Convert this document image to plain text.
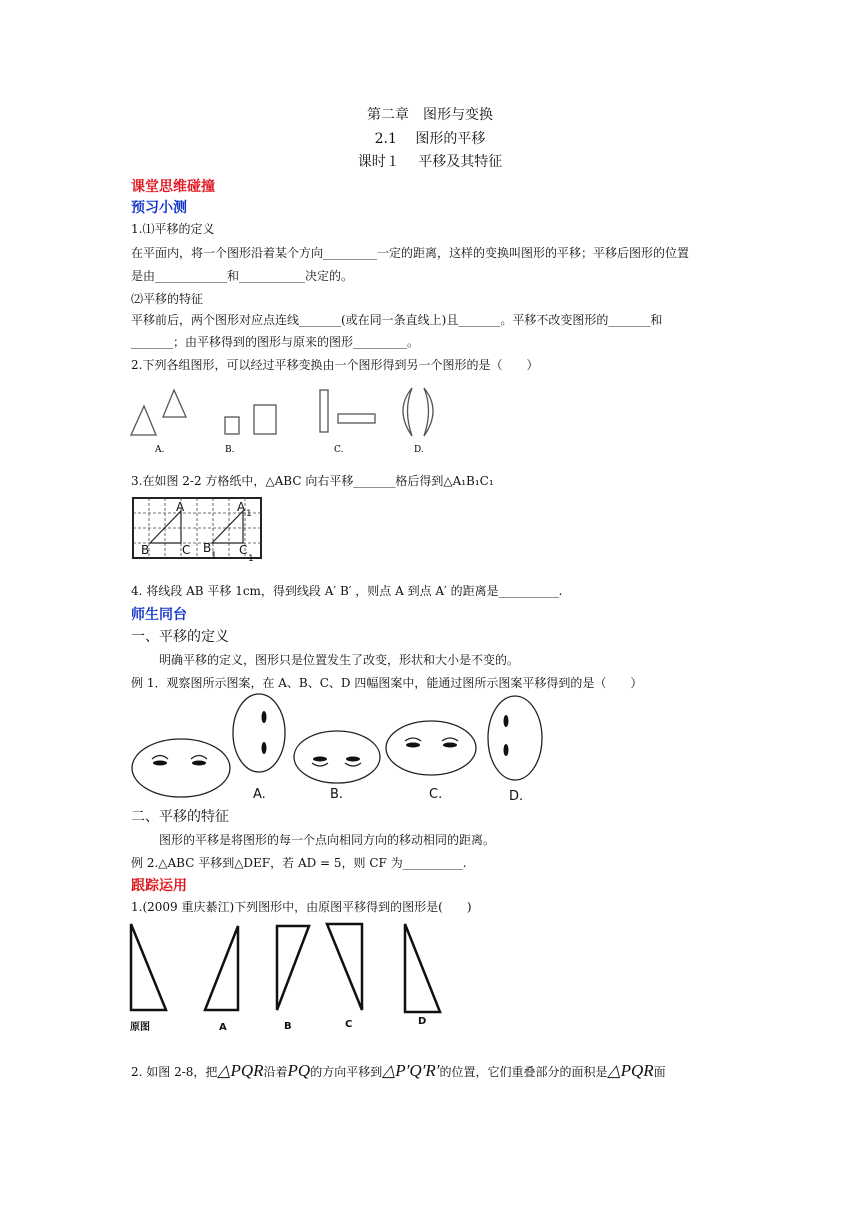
第二章　图形与变换
2.1　 图形的平移
课时１　 平移及其特征
课堂思维碰撞
预习小测
1.⑴平移的定义
在平面内，将一个图形沿着某个方向_________一定的距离，这样的变换叫图形的平移；平移后图形的位置
是由____________和___________决定的。
⑵平移的特征
平移前后，两个图形对应点连线_______(或在同一条直线上)且_______。平移不改变图形的_______和
_______；由平移得到的图形与原来的图形_________。
2.下列各组图形，可以经过平移变换由一个图形得到另一个图形的是（　　）
A.	B.	C.	D.
3.在如图 2-2 方格纸中，△ABC 向右平移_______格后得到△A₁B₁C₁
A	A 1
B	C B
1 C
1
4. 将线段 AB 平移 1cm，得到线段 A′ B′ ，则点 A 到点 A′ 的距离是__________.
师生同台
一、平移的定义
明确平移的定义，图形只是位置发生了改变，形状和大小是不变的。
例 1．观察图所示图案，在 A、B、C、D 四幅图案中，能通过图所示图案平移得到的是（　　）
A.	B.	C.	D.
二、平移的特征
图形的平移是将图形的每一个点向相同方向的移动相同的距离。
例 2.△ABC 平移到△DEF，若 AD = 5，则 CF 为__________.
跟踪运用
1.(2009 重庆綦江)下列图形中，由原图平移得到的图形是(　　)
原图	A	B	C	D
2. 如图 2-8，把△PQR沿着PQ的方向平移到△P′Q′R′的位置，它们重叠部分的面积是△PQR面
